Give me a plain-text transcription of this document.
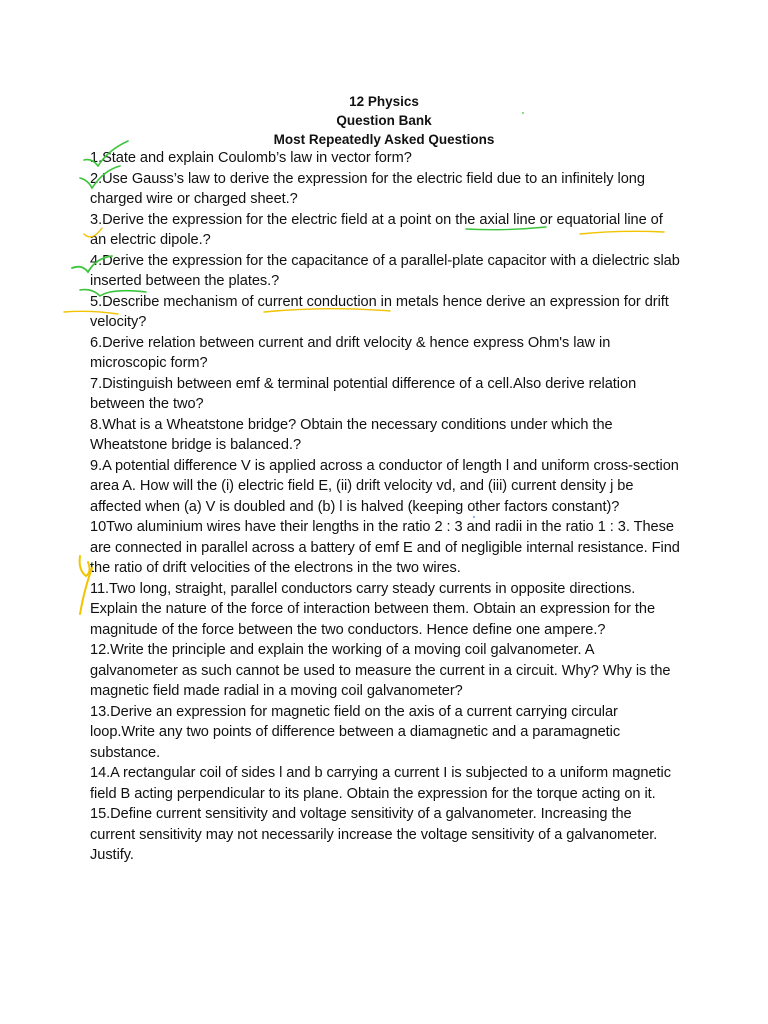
12 Physics
Question Bank
Most Repeatedly Asked Questions

1.State and explain Coulomb’s law in vector form?

2.Use Gauss’s law to derive the expression for the electric field due to an infinitely long charged wire or charged sheet.?

3.Derive the expression for the electric field at a point on the axial line or equatorial line of an electric dipole.?

4.Derive the expression for the capacitance of a parallel-plate capacitor with a dielectric slab inserted between the plates.?

5.Describe mechanism of current conduction in metals hence derive an expression for drift velocity?

6.Derive relation between current and drift velocity & hence express Ohm's law in microscopic form?

7.Distinguish between emf & terminal potential difference of a cell.Also derive relation between the two?

8.What is a Wheatstone bridge? Obtain the necessary conditions under which the Wheatstone bridge is balanced.?

9.A potential difference V is applied across a conductor of length l and uniform cross-section area A. How will the (i) electric field E, (ii) drift velocity vd, and (iii) current density j be affected when (a) V is doubled and (b) l is halved (keeping other factors constant)?

10Two aluminium wires have their lengths in the ratio 2 : 3 and radii in the ratio 1 : 3. These are connected in parallel across a battery of emf E and of negligible internal resistance. Find the ratio of drift velocities of the electrons in the two wires.

11.Two long, straight, parallel conductors carry steady currents in opposite directions. Explain the nature of the force of interaction between them. Obtain an expression for the magnitude of the force between the two conductors. Hence define one ampere.?

12.Write the principle and explain the working of a moving coil galvanometer. A galvanometer as such cannot be used to measure the current in a circuit. Why? Why is the magnetic field made radial in a moving coil galvanometer?

13.Derive an expression for magnetic field on the axis of a current carrying circular loop.Write any two points of difference between a diamagnetic and a paramagnetic substance.

14.A rectangular coil of sides l and b carrying a current I is subjected to a uniform magnetic field B acting perpendicular to its plane. Obtain the expression for the torque acting on it.

15.Define current sensitivity and voltage sensitivity of a galvanometer. Increasing the current sensitivity may not necessarily increase the voltage sensitivity of a galvanometer. Justify.
